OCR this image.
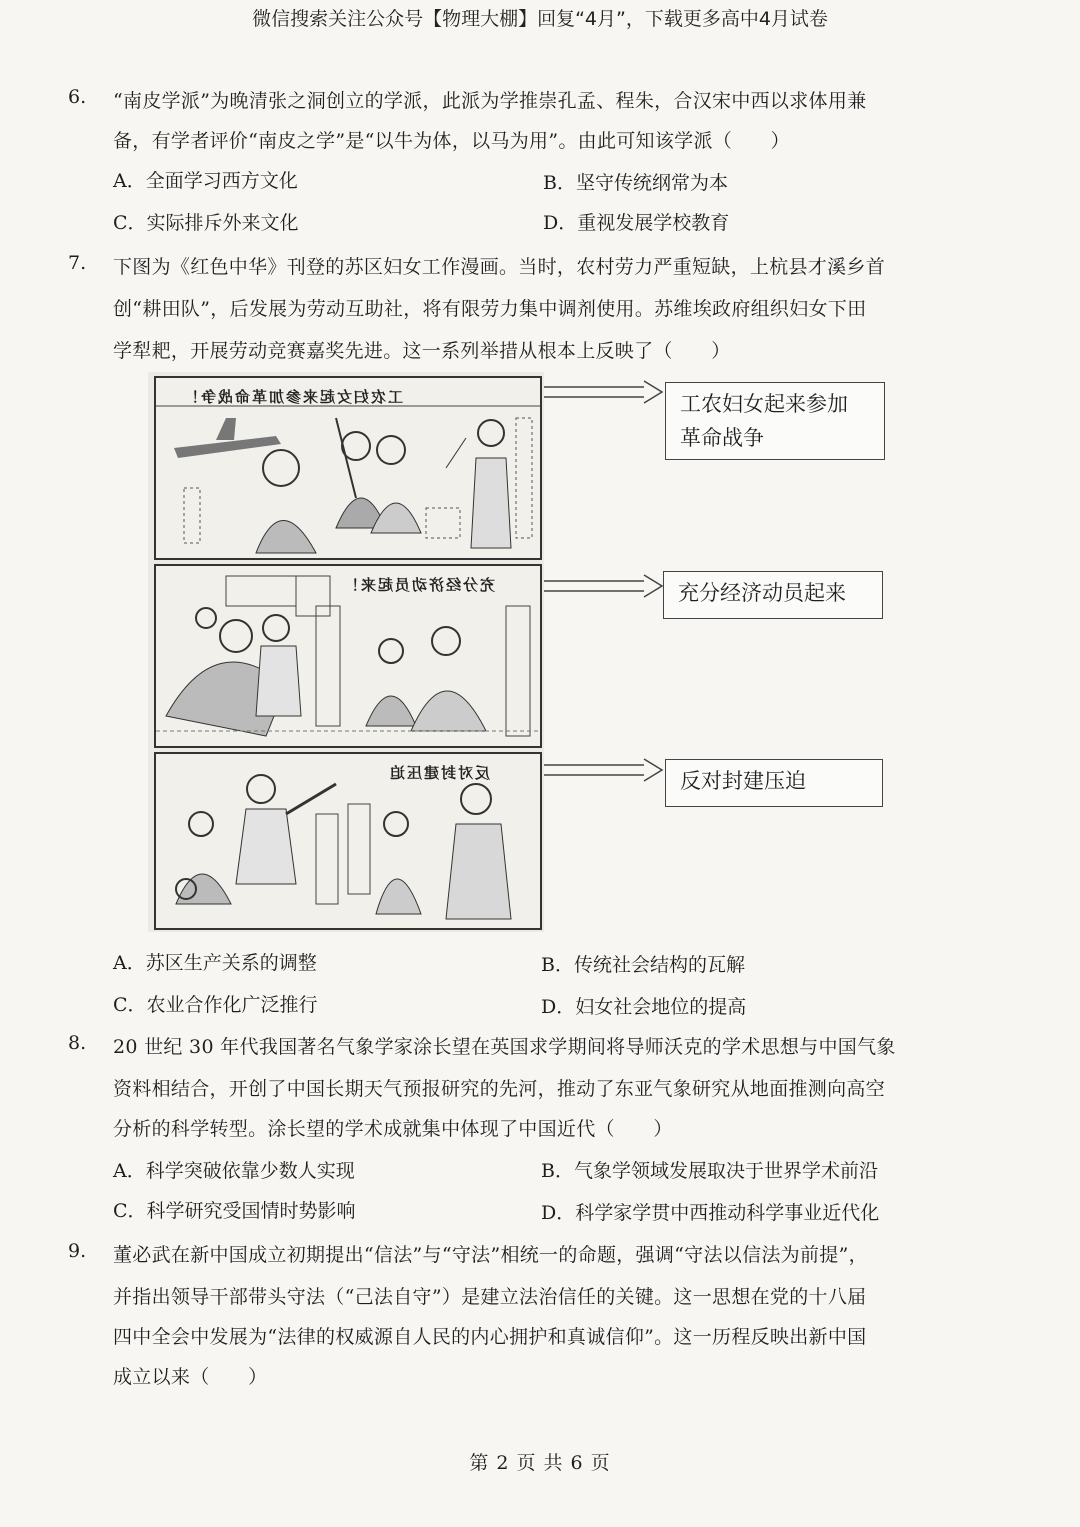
微信搜索关注公众号【物理大棚】回复“4月”，下载更多高中4月试卷
6. “南皮学派”为晚清张之洞创立的学派，此派为学推崇孔孟、程朱，合汉宋中西以求体用兼
备，有学者评价“南皮之学”是“以牛为体，以马为用”。由此可知该学派（　　）
A．全面学习西方文化	B．坚守传统纲常为本
C．实际排斥外来文化	D．重视发展学校教育
7. 下图为《红色中华》刊登的苏区妇女工作漫画。当时，农村劳力严重短缺，上杭县才溪乡首
创“耕田队”，后发展为劳动互助社，将有限劳力集中调剂使用。苏维埃政府组织妇女下田
学犁耙，开展劳动竞赛嘉奖先进。这一系列举措从根本上反映了（　　）
工农妇女起来参加革命战争！
充分经济动员起来！
反对封建压迫
工农妇女起来参加
革命战争
充分经济动员起来
反对封建压迫
A．苏区生产关系的调整	B．传统社会结构的瓦解
C．农业合作化广泛推行	D．妇女社会地位的提高
8. 20 世纪 30 年代我国著名气象学家涂长望在英国求学期间将导师沃克的学术思想与中国气象
资料相结合，开创了中国长期天气预报研究的先河，推动了东亚气象研究从地面推测向高空
分析的科学转型。涂长望的学术成就集中体现了中国近代（　　）
A．科学突破依靠少数人实现	B．气象学领域发展取决于世界学术前沿
C．科学研究受国情时势影响	D．科学家学贯中西推动科学事业近代化
9. 董必武在新中国成立初期提出“信法”与“守法”相统一的命题，强调“守法以信法为前提”，
并指出领导干部带头守法（“己法自守”）是建立法治信任的关键。这一思想在党的十八届
四中全会中发展为“法律的权威源自人民的内心拥护和真诚信仰”。这一历程反映出新中国
成立以来（　　）
第 2 页 共 6 页
